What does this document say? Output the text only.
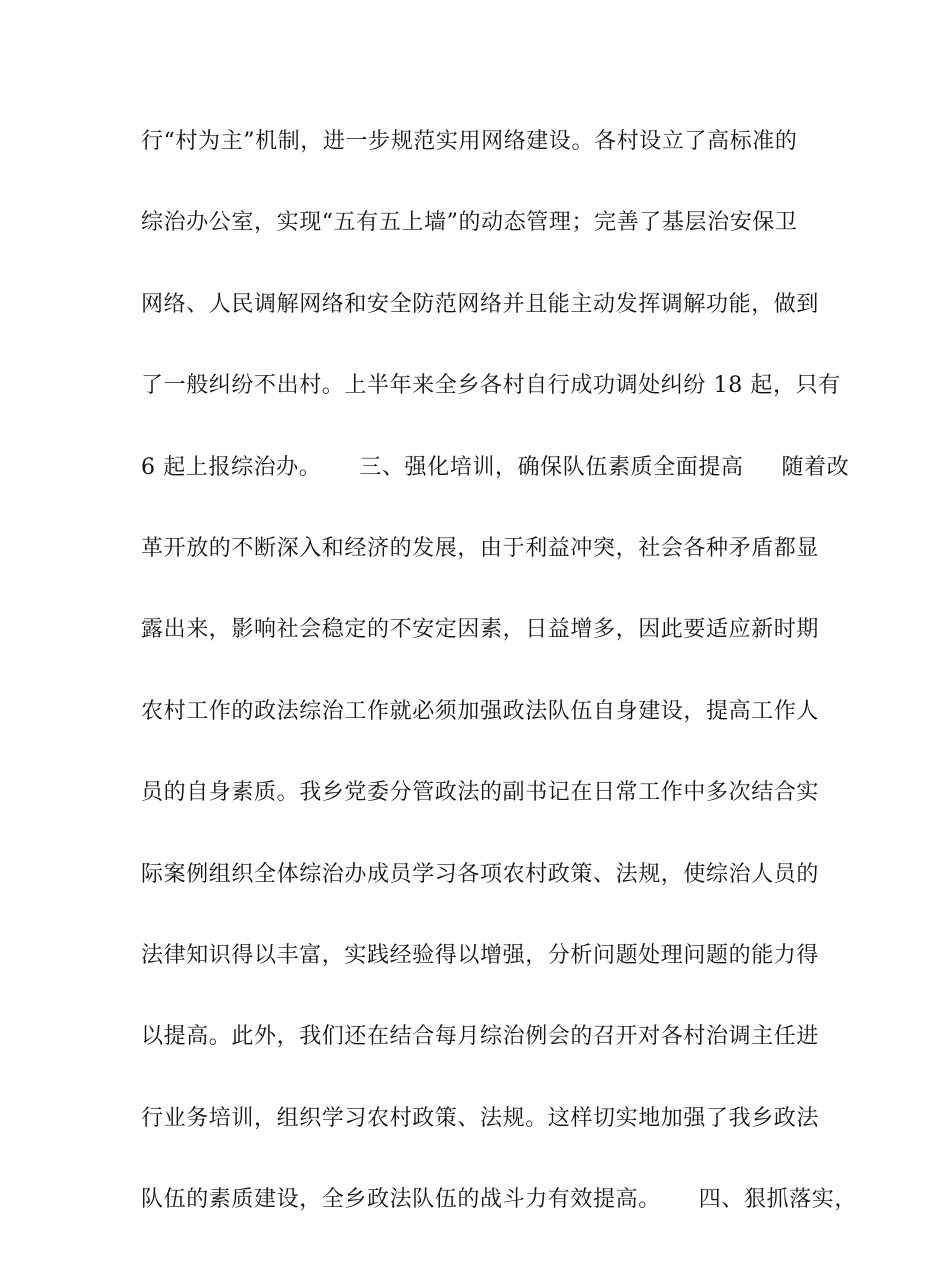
行“村为主”机制，进一步规范实用网络建设。各村设立了高标准的
综治办公室，实现“五有五上墙”的动态管理；完善了基层治安保卫
网络、人民调解网络和安全防范网络并且能主动发挥调解功能，做到
了一般纠纷不出村。上半年来全乡各村自行成功调处纠纷 18 起，只有
6 起上报综治办。     三、强化培训，确保队伍素质全面提高     随着改
革开放的不断深入和经济的发展，由于利益冲突，社会各种矛盾都显
露出来，影响社会稳定的不安定因素，日益增多，因此要适应新时期
农村工作的政法综治工作就必须加强政法队伍自身建设，提高工作人
员的自身素质。我乡党委分管政法的副书记在日常工作中多次结合实
际案例组织全体综治办成员学习各项农村政策、法规，使综治人员的
法律知识得以丰富，实践经验得以增强，分析问题处理问题的能力得
以提高。此外，我们还在结合每月综治例会的召开对各村治调主任进
行业务培训，组织学习农村政策、法规。这样切实地加强了我乡政法
队伍的素质建设，全乡政法队伍的战斗力有效提高。     四、狠抓落实，
